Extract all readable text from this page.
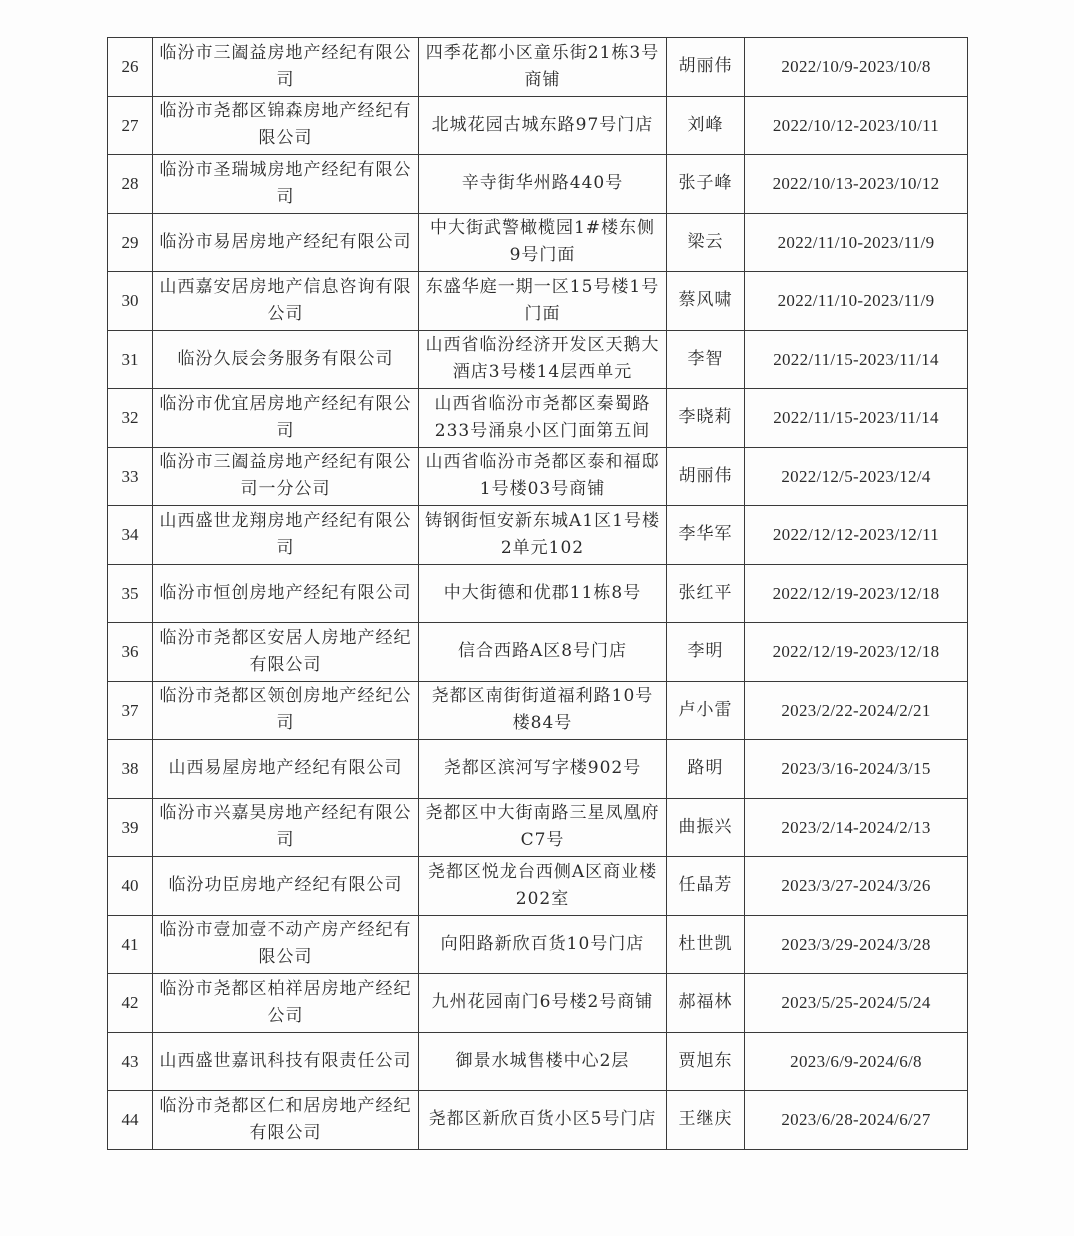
26	临汾市三阖益房地产经纪有限公司	四季花都小区童乐街21栋3号商铺	胡丽伟	2022/10/9-2023/10/8
27	临汾市尧都区锦森房地产经纪有限公司	北城花园古城东路97号门店	刘峰	2022/10/12-2023/10/11
28	临汾市圣瑞城房地产经纪有限公司	辛寺街华州路440号	张子峰	2022/10/13-2023/10/12
29	临汾市易居房地产经纪有限公司	中大街武警橄榄园1#楼东侧9号门面	梁云	2022/11/10-2023/11/9
30	山西嘉安居房地产信息咨询有限公司	东盛华庭一期一区15号楼1号门面	蔡风啸	2022/11/10-2023/11/9
31	临汾久辰会务服务有限公司	山西省临汾经济开发区天鹅大酒店3号楼14层西单元	李智	2022/11/15-2023/11/14
32	临汾市优宜居房地产经纪有限公司	山西省临汾市尧都区秦蜀路233号涌泉小区门面第五间	李晓莉	2022/11/15-2023/11/14
33	临汾市三阖益房地产经纪有限公司一分公司	山西省临汾市尧都区泰和福邸1号楼03号商铺	胡丽伟	2022/12/5-2023/12/4
34	山西盛世龙翔房地产经纪有限公司	铸钢街恒安新东城A1区1号楼2单元102	李华军	2022/12/12-2023/12/11
35	临汾市恒创房地产经纪有限公司	中大街德和优郡11栋8号	张红平	2022/12/19-2023/12/18
36	临汾市尧都区安居人房地产经纪有限公司	信合西路A区8号门店	李明	2022/12/19-2023/12/18
37	临汾市尧都区领创房地产经纪公司	尧都区南街街道福利路10号楼84号	卢小雷	2023/2/22-2024/2/21
38	山西易屋房地产经纪有限公司	尧都区滨河写字楼902号	路明	2023/3/16-2024/3/15
39	临汾市兴嘉昊房地产经纪有限公司	尧都区中大街南路三星凤凰府C7号	曲振兴	2023/2/14-2024/2/13
40	临汾功臣房地产经纪有限公司	尧都区悦龙台西侧A区商业楼202室	任晶芳	2023/3/27-2024/3/26
41	临汾市壹加壹不动产房产经纪有限公司	向阳路新欣百货10号门店	杜世凯	2023/3/29-2024/3/28
42	临汾市尧都区柏祥居房地产经纪公司	九州花园南门6号楼2号商铺	郝福林	2023/5/25-2024/5/24
43	山西盛世嘉讯科技有限责任公司	御景水城售楼中心2层	贾旭东	2023/6/9-2024/6/8
44	临汾市尧都区仁和居房地产经纪有限公司	尧都区新欣百货小区5号门店	王继庆	2023/6/28-2024/6/27
